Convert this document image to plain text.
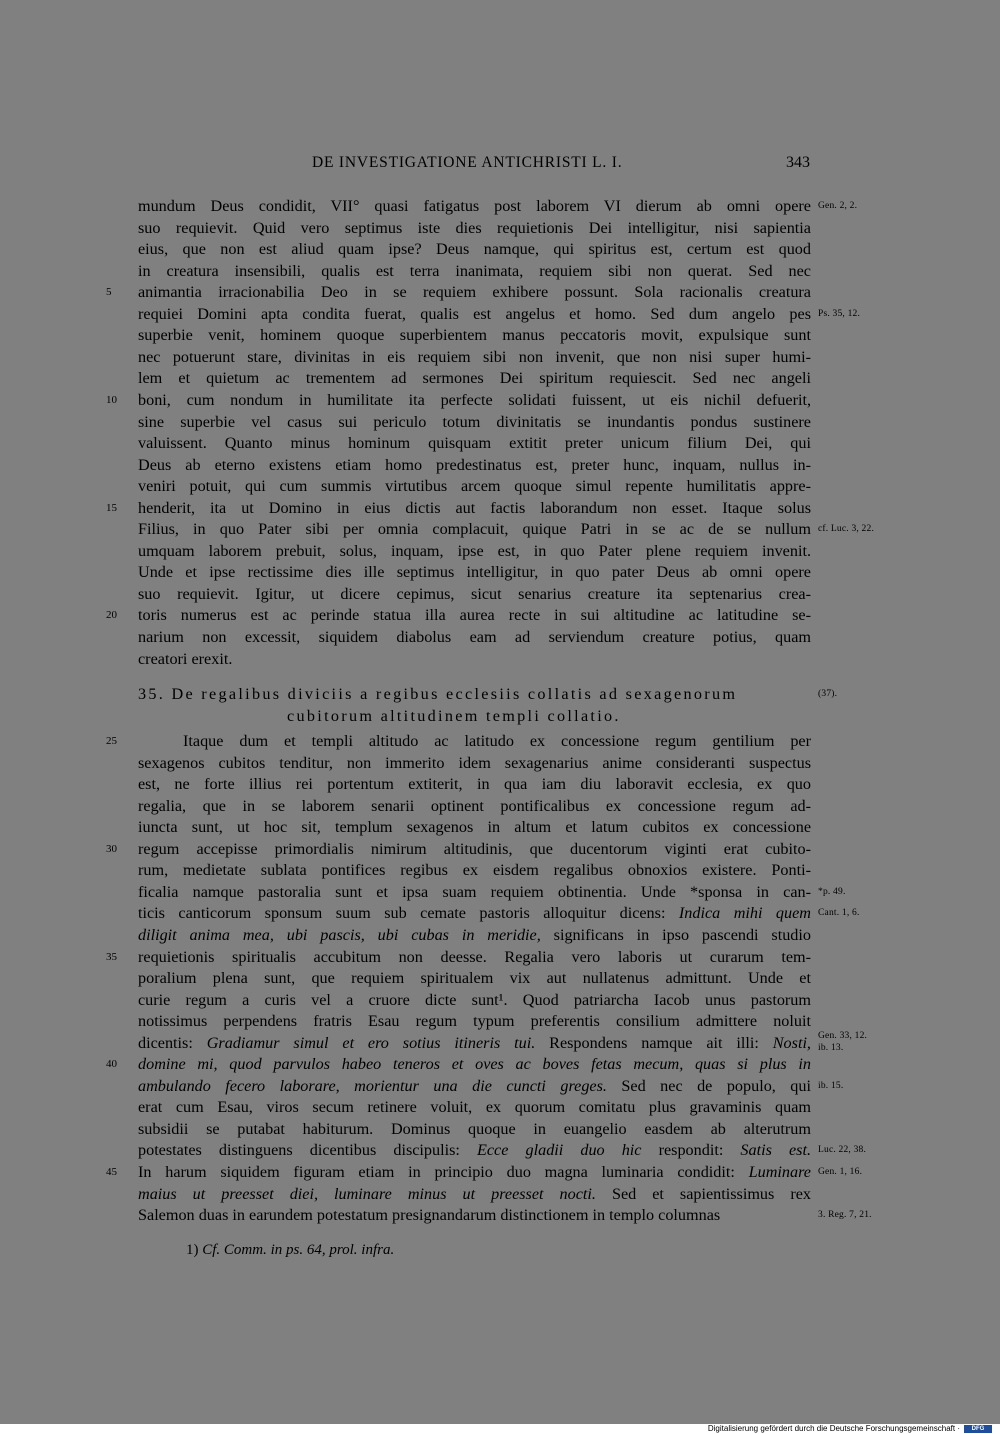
DE INVESTIGATIONE ANTICHRISTI L. I.	343
35. De regalibus diviciis a regibus ecclesiis collatis ad sexagenorum
cubitorum altitudinem templi collatio.
(37).
1) Cf. Comm. in ps. 64, prol. infra.
mundum Deus condidit, VII° quasi fatigatus post laborem VI dierum ab omni opere Gen. 2, 2.
suo requievit. Quid vero septimus iste dies requietionis Dei intelligitur, nisi sapientia
eius, que non est aliud quam ipse? Deus namque, qui spiritus est, certum est quod
in creatura insensibili, qualis est terra inanimata, requiem sibi non querat. Sed nec
animantia irracionabilia Deo in se requiem exhibere possunt. Sola racionalis creatura
5
requiei Domini apta condita fuerat, qualis est angelus et homo. Sed dum angelo pes Ps. 35, 12.
superbie venit, hominem quoque superbientem manus peccatoris movit, expulsique sunt
nec potuerunt stare, divinitas in eis requiem sibi non invenit, que non nisi super humi-
lem et quietum ac trementem ad sermones Dei spiritum requiescit. Sed nec angeli
boni, cum nondum in humilitate ita perfecte solidati fuissent, ut eis nichil defuerit,
10
sine superbie vel casus sui periculo totum divinitatis se inundantis pondus sustinere
valuissent. Quanto minus hominum quisquam extitit preter unicum filium Dei, qui
Deus ab eterno existens etiam homo predestinatus est, preter hunc, inquam, nullus in-
veniri potuit, qui cum summis virtutibus arcem quoque simul repente humilitatis appre-
henderit, ita ut Domino in eius dictis aut factis laborandum non esset. Itaque solus
15
Filius, in quo Pater sibi per omnia complacuit, quique Patri in se ac de se nullum cf. Luc. 3, 22.
umquam laborem prebuit, solus, inquam, ipse est, in quo Pater plene requiem invenit.
Unde et ipse rectissime dies ille septimus intelligitur, in quo pater Deus ab omni opere
suo requievit. Igitur, ut dicere cepimus, sicut senarius creature ita septenarius crea-
toris numerus est ac perinde statua illa aurea recte in sui altitudine ac latitudine se-
20
narium non excessit, siquidem diabolus eam ad serviendum creature potius, quam
creatori erexit.
Itaque dum et templi altitudo ac latitudo ex concessione regum gentilium per
25
sexagenos cubitos tenditur, non immerito idem sexagenarius anime consideranti suspectus
est, ne forte illius rei portentum extiterit, in qua iam diu laboravit ecclesia, ex quo
regalia, que in se laborem senarii optinent pontificalibus ex concessione regum ad-
iuncta sunt, ut hoc sit, templum sexagenos in altum et latum cubitos ex concessione
regum accepisse primordialis nimirum altitudinis, que ducentorum viginti erat cubito-
30
rum, medietate sublata pontifices regibus ex eisdem regalibus obnoxios existere. Ponti-
ficalia namque pastoralia sunt et ipsa suam requiem obtinentia. Unde *sponsa in can- *p. 49.
ticis canticorum sponsum suum sub cemate pastoris alloquitur dicens: Indica mihi quem Cant. 1, 6.
diligit anima mea, ubi pascis, ubi cubas in meridie, significans in ipso pascendi studio
requietionis spiritualis accubitum non deesse. Regalia vero laboris ut curarum tem-
35
poralium plena sunt, que requiem spiritualem vix aut nullatenus admittunt. Unde et
curie regum a curis vel a cruore dicte sunt¹. Quod patriarcha Iacob unus pastorum
notissimus perpendens fratris Esau regum typum preferentis consilium admittere noluit
dicentis: Gradiamur simul et ero sotius itineris tui. Respondens namque ait illi: Nosti, Gen. 33, 12.
ib. 13.
domine mi, quod parvulos habeo teneros et oves ac boves fetas mecum, quas si plus in
40
ambulando fecero laborare, morientur una die cuncti greges. Sed nec de populo, qui ib. 15.
erat cum Esau, viros secum retinere voluit, ex quorum comitatu plus gravaminis quam
subsidii se putabat habiturum. Dominus quoque in euangelio easdem ab alterutrum
potestates distinguens dicentibus discipulis: Ecce gladii duo hic respondit: Satis est. Luc. 22, 38.
In harum siquidem figuram etiam in principio duo magna luminaria condidit: Luminare
45	Gen. 1, 16.
maius ut preesset diei, luminare minus ut preesset nocti. Sed et sapientissimus rex
Salemon duas in earundem potestatum presignandarum distinctionem in templo columnas	3. Reg. 7, 21.
Digitalisierung gefördert durch die Deutsche Forschungsgemeinschaft ·	DFG
